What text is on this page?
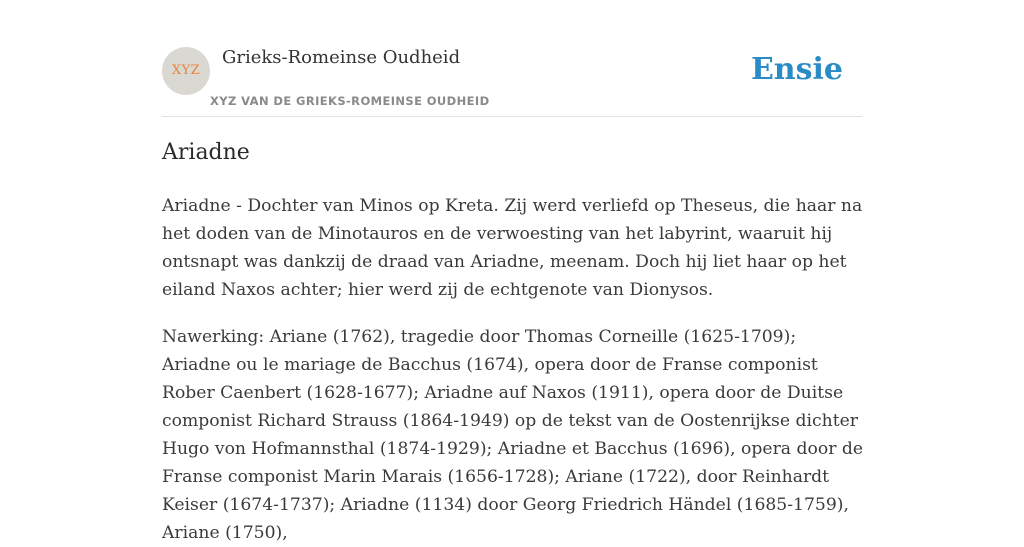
XYZ
Grieks-Romeinse Oudheid
XYZ VAN DE GRIEKS-ROMEINSE OUDHEID
Ensie
Ariadne

Ariadne - Dochter van Minos op Kreta. Zij werd verliefd op Theseus, die haar na het doden van de Minotauros en de verwoesting van het labyrint, waaruit hij ontsnapt was dankzij de draad van Ariadne, meenam. Doch hij liet haar op het eiland Naxos achter; hier werd zij de echtgenote van Dionysos.

Nawerking: Ariane (1762), tragedie door Thomas Corneille (1625-1709); Ariadne ou le mariage de Bacchus (1674), opera door de Franse componist Rober Caenbert (1628-1677); Ariadne auf Naxos (1911), opera door de Duitse componist Richard Strauss (1864-1949) op de tekst van de Oostenrijkse dichter Hugo von Hofmannsthal (1874-1929); Ariadne et Bacchus (1696), opera door de Franse componist Marin Marais (1656-1728); Ariane (1722), door Reinhardt Keiser (1674-1737); Ariadne (1134) door Georg Friedrich Händel (1685-1759), Ariane (1750),
